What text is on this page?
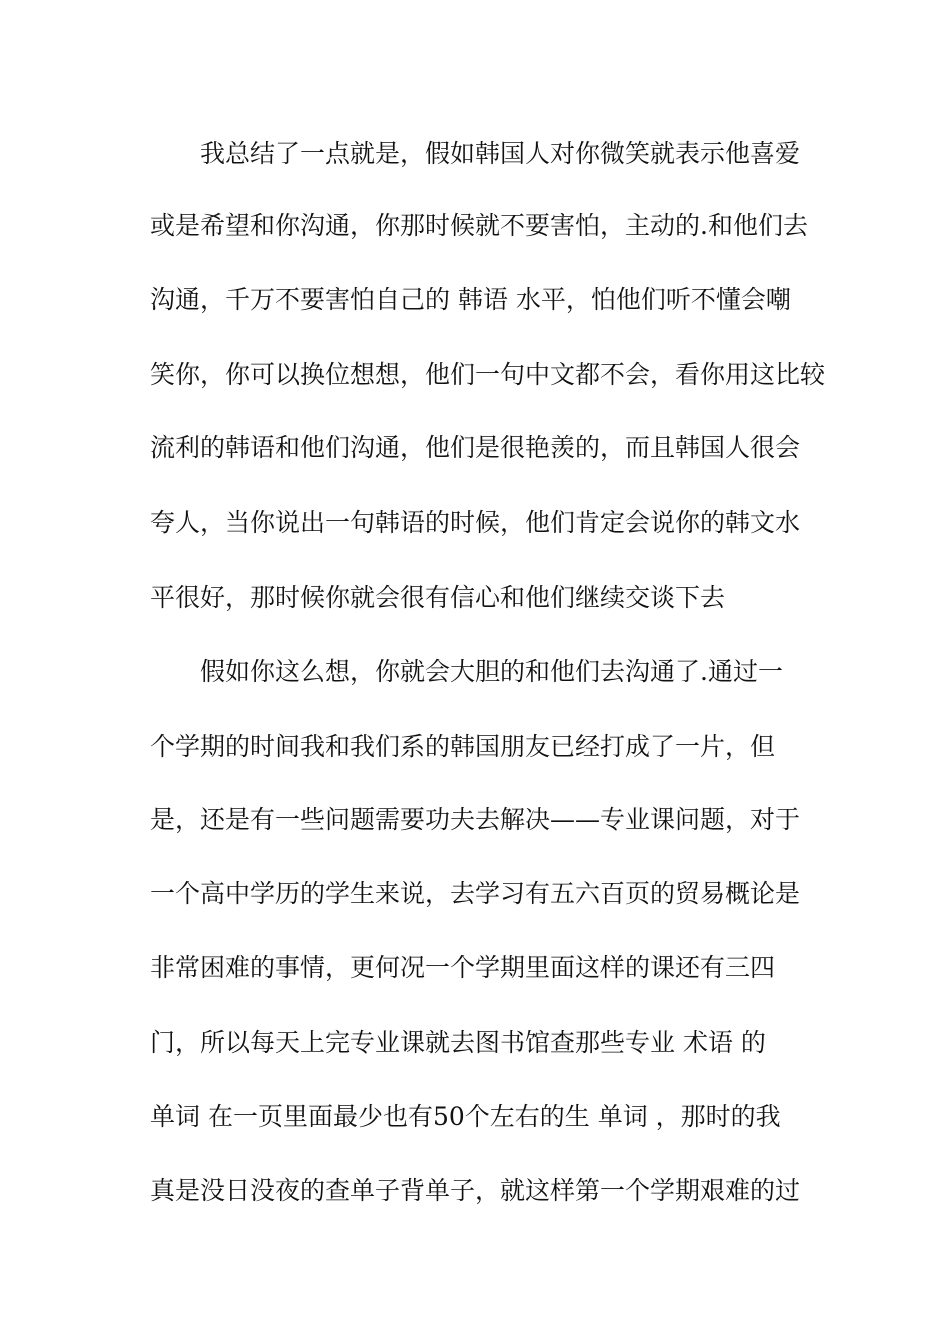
我总结了一点就是，假如韩国人对你微笑就表示他喜爱
或是希望和你沟通，你那时候就不要害怕，主动的.和他们去
沟通，千万不要害怕自己的 韩语 水平，怕他们听不懂会嘲
笑你，你可以换位想想，他们一句中文都不会，看你用这比较
流利的韩语和他们沟通，他们是很艳羡的，而且韩国人很会
夸人，当你说出一句韩语的时候，他们肯定会说你的韩文水
平很好，那时候你就会很有信心和他们继续交谈下去
假如你这么想，你就会大胆的和他们去沟通了.通过一
个学期的时间我和我们系的韩国朋友已经打成了一片，但
是，还是有一些问题需要功夫去解决——专业课问题，对于
一个高中学历的学生来说，去学习有五六百页的贸易概论是
非常困难的事情，更何况一个学期里面这样的课还有三四
门，所以每天上完专业课就去图书馆查那些专业 术语 的
单词 在一页里面最少也有50个左右的生 单词 ，那时的我
真是没日没夜的查单子背单子，就这样第一个学期艰难的过
